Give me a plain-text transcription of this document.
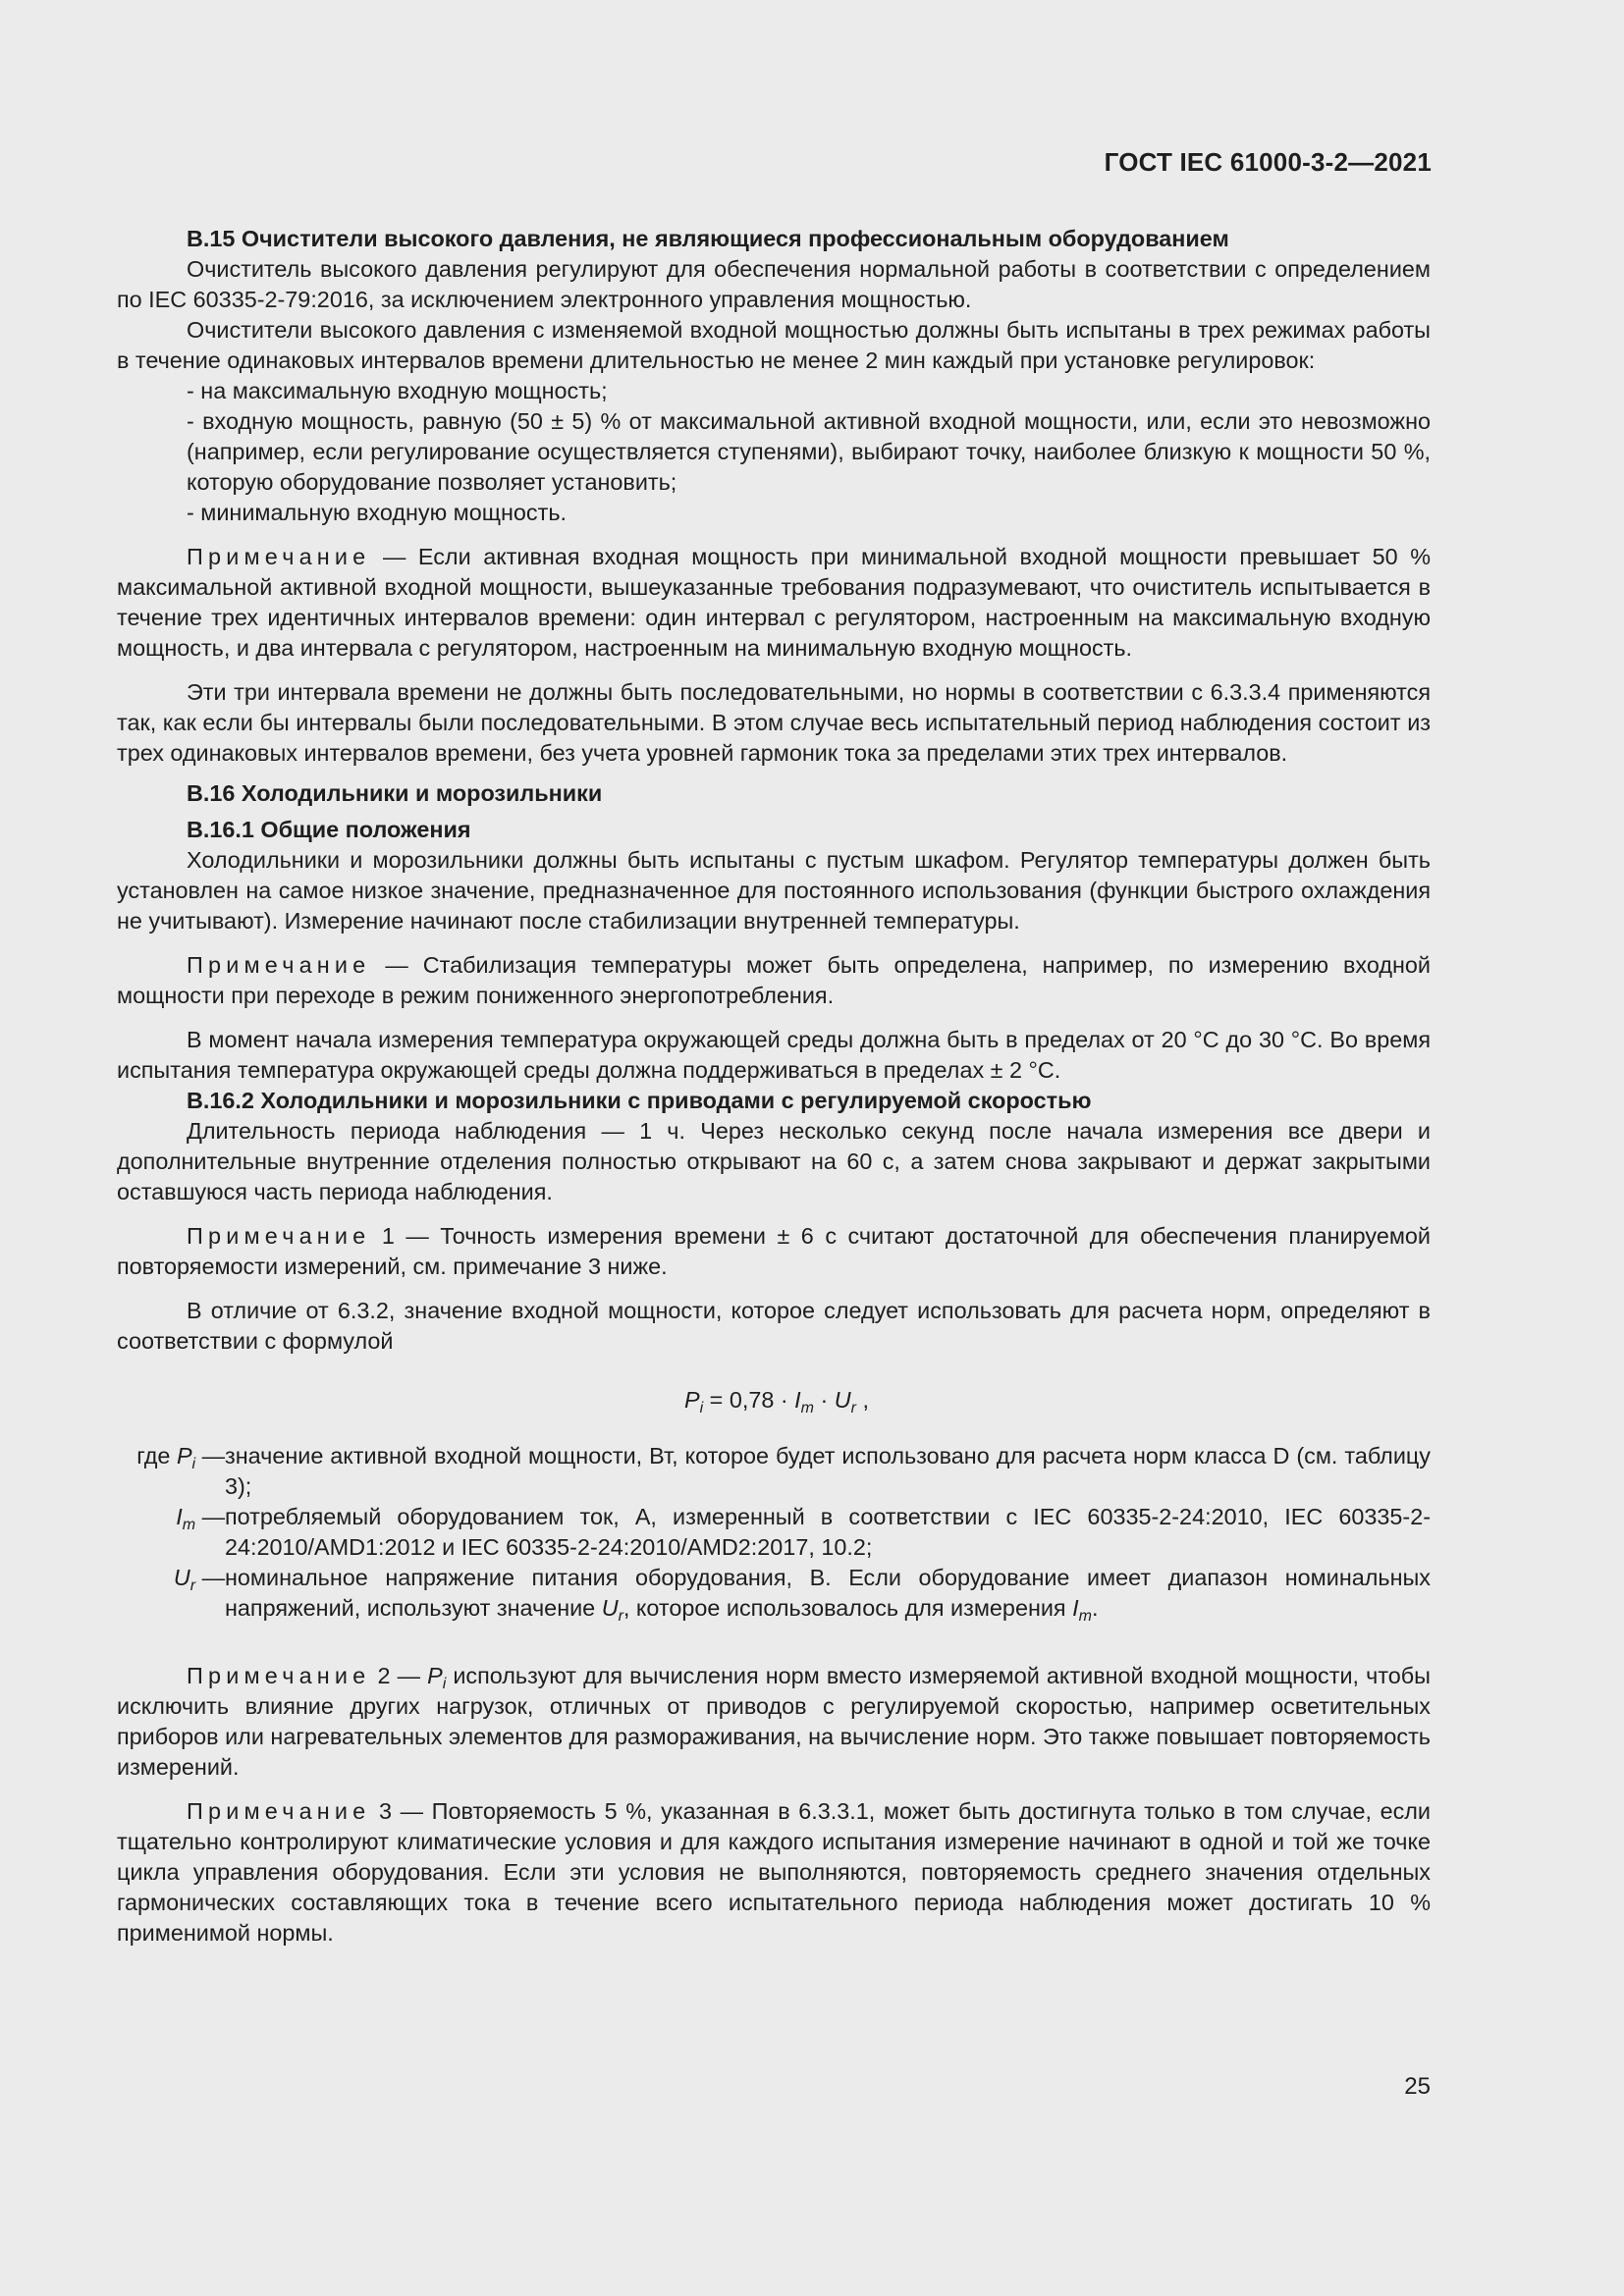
ГОСТ IEC 61000-3-2—2021

B.15 Очистители высокого давления, не являющиеся профессиональным оборудованием

Очиститель высокого давления регулируют для обеспечения нормальной работы в соответствии с определением по IEC 60335-2-79:2016, за исключением электронного управления мощностью.

Очистители высокого давления с изменяемой входной мощностью должны быть испытаны в трех режимах работы в течение одинаковых интервалов времени длительностью не менее 2 мин каждый при установке регулировок:

- на максимальную входную мощность;

- входную мощность, равную (50 ± 5) % от максимальной активной входной мощности, или, если это невозможно (например, если регулирование осуществляется ступенями), выбирают точку, наиболее близкую к мощности 50 %, которую оборудование позволяет установить;

- минимальную входную мощность.

Примечание — Если активная входная мощность при минимальной входной мощности превышает 50 % максимальной активной входной мощности, вышеуказанные требования подразумевают, что очиститель испытывается в течение трех идентичных интервалов времени: один интервал с регулятором, настроенным на максимальную входную мощность, и два интервала с регулятором, настроенным на минимальную входную мощность.

Эти три интервала времени не должны быть последовательными, но нормы в соответствии с 6.3.3.4 применяются так, как если бы интервалы были последовательными. В этом случае весь испытательный период наблюдения состоит из трех одинаковых интервалов времени, без учета уровней гармоник тока за пределами этих трех интервалов.

B.16 Холодильники и морозильники

B.16.1 Общие положения

Холодильники и морозильники должны быть испытаны с пустым шкафом. Регулятор температуры должен быть установлен на самое низкое значение, предназначенное для постоянного использования (функции быстрого охлаждения не учитывают). Измерение начинают после стабилизации внутренней температуры.

Примечание — Стабилизация температуры может быть определена, например, по измерению входной мощности при переходе в режим пониженного энергопотребления.

В момент начала измерения температура окружающей среды должна быть в пределах от 20 °С до 30 °С. Во время испытания температура окружающей среды должна поддерживаться в пределах ± 2 °С.

B.16.2 Холодильники и морозильники с приводами с регулируемой скоростью

Длительность периода наблюдения — 1 ч. Через несколько секунд после начала измерения все двери и дополнительные внутренние отделения полностью открывают на 60 с, а затем снова закрывают и держат закрытыми оставшуюся часть периода наблюдения.

Примечание 1 — Точность измерения времени ± 6 с считают достаточной для обеспечения планируемой повторяемости измерений, см. примечание 3 ниже.

В отличие от 6.3.2, значение входной мощности, которое следует использовать для расчета норм, определяют в соответствии с формулой

$P_i = 0,78 \cdot I_m \cdot U_r$ ,

где $P_i$ — значение активной входной мощности, Вт, которое будет использовано для расчета норм класса D (см. таблицу 3);
$I_m$ — потребляемый оборудованием ток, А, измеренный в соответствии с IEC 60335-2-24:2010, IEC 60335-2-24:2010/AMD1:2012 и IEC 60335-2-24:2010/AMD2:2017, 10.2;
$U_r$ — номинальное напряжение питания оборудования, В. Если оборудование имеет диапазон номинальных напряжений, используют значение $U_r$, которое использовалось для измерения $I_m$.

Примечание 2 — $P_i$ используют для вычисления норм вместо измеряемой активной входной мощности, чтобы исключить влияние других нагрузок, отличных от приводов с регулируемой скоростью, например осветительных приборов или нагревательных элементов для размораживания, на вычисление норм. Это также повышает повторяемость измерений.

Примечание 3 — Повторяемость 5 %, указанная в 6.3.3.1, может быть достигнута только в том случае, если тщательно контролируют климатические условия и для каждого испытания измерение начинают в одной и той же точке цикла управления оборудования. Если эти условия не выполняются, повторяемость среднего значения отдельных гармонических составляющих тока в течение всего испытательного периода наблюдения может достигать 10 % применимой нормы.

25
